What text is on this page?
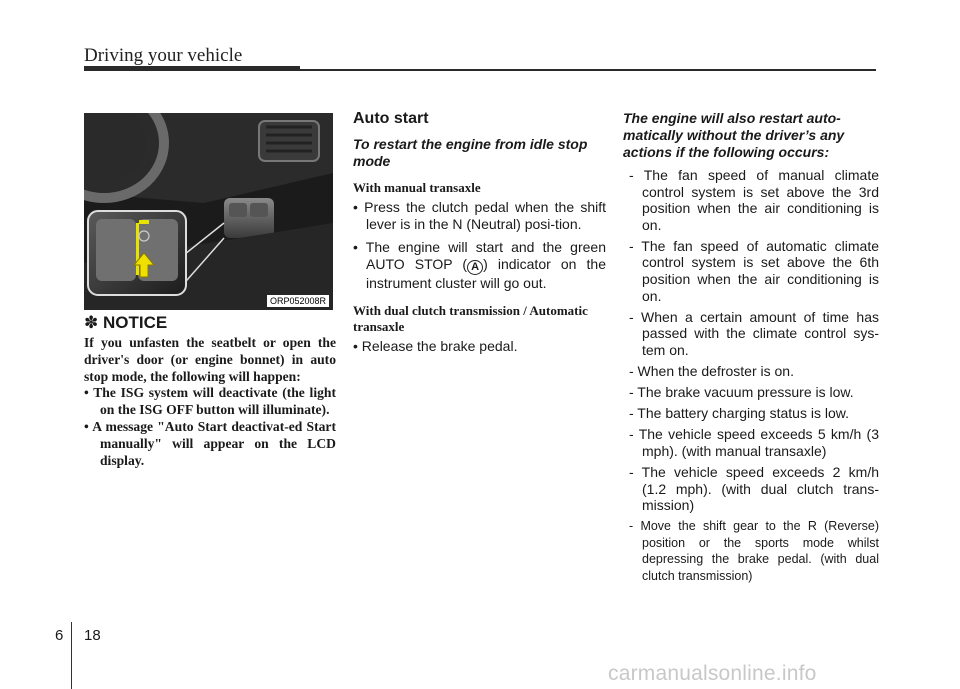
Driving your vehicle
ORP052008R
✽ NOTICE

If you unfasten the seatbelt or open the driver's door (or engine bonnet) in auto stop mode, the following will happen:

• The ISG system will deactivate (the light on the ISG OFF button will illuminate).
• A message "Auto Start deactivat-ed Start manually" will appear on the LCD display.
Auto start
To restart the engine from idle stop mode
With manual transaxle
• Press the clutch pedal when the shift lever is in the N (Neutral) posi-tion.
• The engine will start and the green AUTO STOP ( A ) indicator on the instrument cluster will go out.
With dual clutch transmission / Automatic transaxle
• Release the brake pedal.
The engine will also restart auto-matically without the driver’s any actions if the following occurs:
- The fan speed of manual climate control system is set above the 3rd position when the air conditioning is on.
- The fan speed of automatic climate control system is set above the 6th position when the air conditioning is on.
- When a certain amount of time has passed with the climate control sys-tem on.
- When the defroster is on.
- The brake vacuum pressure is low.
- The battery charging status is low.
- The vehicle speed exceeds 5 km/h (3 mph). (with manual transaxle)
- The vehicle speed exceeds 2 km/h (1.2 mph). (with dual clutch trans-mission)
- Move the shift gear to the R (Reverse) position or the sports mode whilst depressing the brake pedal. (with dual clutch transmission)
6 18
carmanualsonline.info
